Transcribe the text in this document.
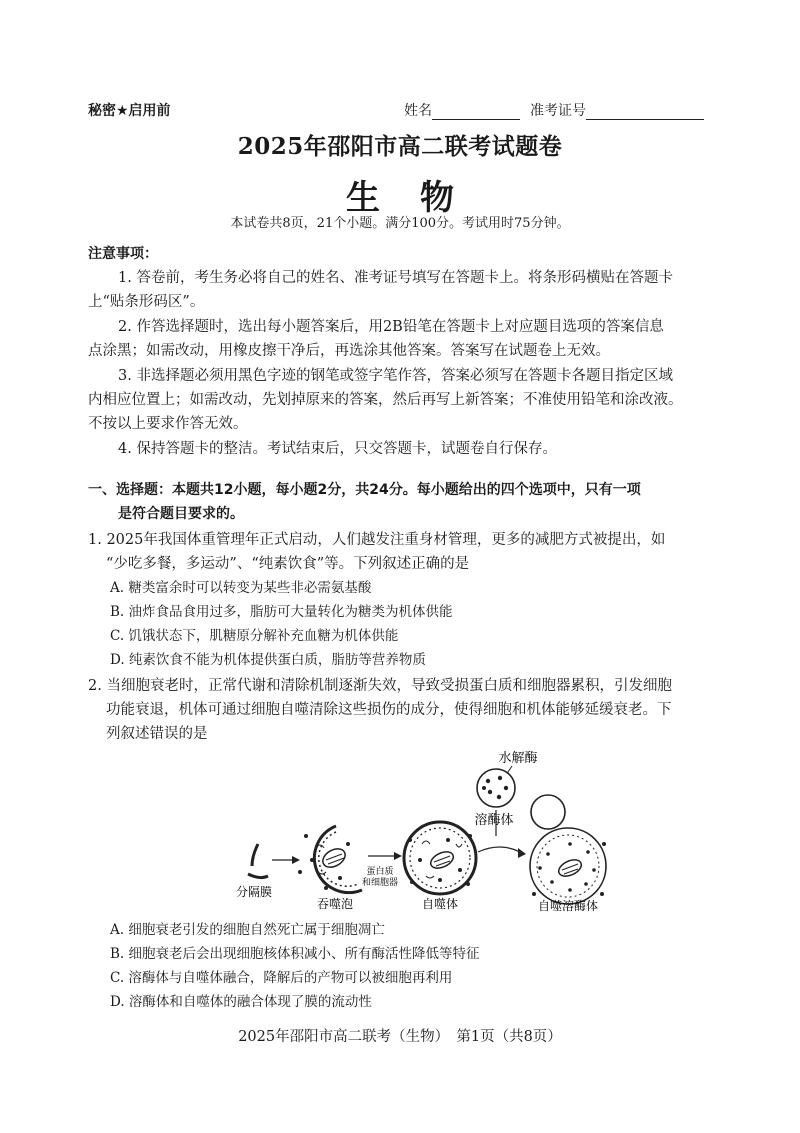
秘密★启用前	姓名	准考证号
2025年邵阳市高二联考试题卷
生物
本试卷共8页，21个小题。满分100分。考试用时75分钟。
注意事项：
1. 答卷前，考生务必将自己的姓名、准考证号填写在答题卡上。将条形码横贴在答题卡
上“贴条形码区”。
2. 作答选择题时，选出每小题答案后，用2B铅笔在答题卡上对应题目选项的答案信息
点涂黑；如需改动，用橡皮擦干净后，再选涂其他答案。答案写在试题卷上无效。
3. 非选择题必须用黑色字迹的钢笔或签字笔作答，答案必须写在答题卡各题目指定区域
内相应位置上；如需改动，先划掉原来的答案，然后再写上新答案；不准使用铅笔和涂改液。
不按以上要求作答无效。
4. 保持答题卡的整洁。考试结束后，只交答题卡，试题卷自行保存。
一、选择题：本题共12小题，每小题2分，共24分。每小题给出的四个选项中，只有一项
是符合题目要求的。
1. 2025年我国体重管理年正式启动，人们越发注重身材管理，更多的减肥方式被提出，如
“少吃多餐，多运动”、“纯素饮食”等。下列叙述正确的是
A. 糖类富余时可以转变为某些非必需氨基酸
B. 油炸食品食用过多，脂肪可大量转化为糖类为机体供能
C. 饥饿状态下，肌糖原分解补充血糖为机体供能
D. 纯素饮食不能为机体提供蛋白质，脂肪等营养物质
2. 当细胞衰老时，正常代谢和清除机制逐渐失效，导致受损蛋白质和细胞器累积，引发细胞
功能衰退，机体可通过细胞自噬清除这些损伤的成分，使得细胞和机体能够延缓衰老。下
列叙述错误的是
水解酶
溶酶体
分隔膜
吞噬泡
蛋白质
和细胞器
自噬体	自噬溶酶体
A. 细胞衰老引发的细胞自然死亡属于细胞凋亡
B. 细胞衰老后会出现细胞核体积减小、所有酶活性降低等特征
C. 溶酶体与自噬体融合，降解后的产物可以被细胞再利用
D. 溶酶体和自噬体的融合体现了膜的流动性
2025年邵阳市高二联考（生物）　第1页（共8页）
